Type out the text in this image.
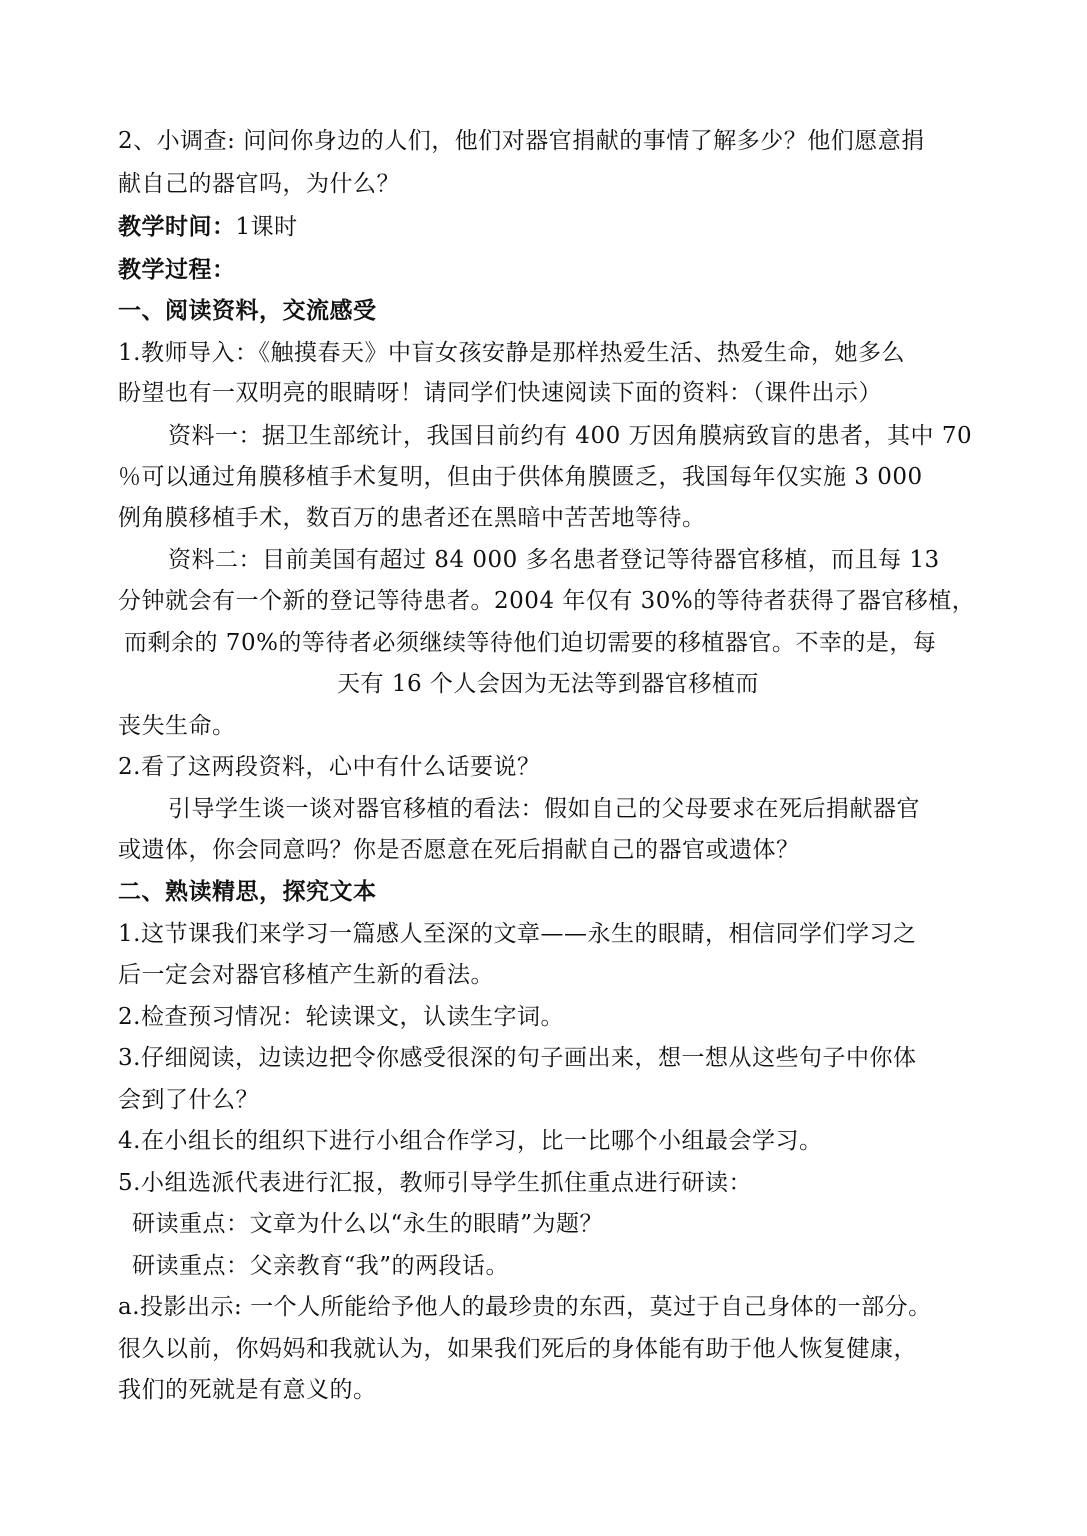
2、小调查: 问问你身边的人们，他们对器官捐献的事情了解多少？他们愿意捐
献自己的器官吗，为什么？
教学时间：1课时
教学过程：
一、阅读资料，交流感受
1.教师导入：《触摸春天》中盲女孩安静是那样热爱生活、热爱生命，她多么
盼望也有一双明亮的眼睛呀！请同学们快速阅读下面的资料：（课件出示）
资料一：据卫生部统计，我国目前约有 400 万因角膜病致盲的患者，其中 70
％可以通过角膜移植手术复明，但由于供体角膜匮乏，我国每年仅实施 3 000
例角膜移植手术，数百万的患者还在黑暗中苦苦地等待。
资料二：目前美国有超过 84 000 多名患者登记等待器官移植，而且每 13
分钟就会有一个新的登记等待患者。2004 年仅有 30%的等待者获得了器官移植，
而剩余的 70%的等待者必须继续等待他们迫切需要的移植器官。不幸的是，每
天有 16 个人会因为无法等到器官移植而
丧失生命。
2.看了这两段资料，心中有什么话要说？
引导学生谈一谈对器官移植的看法：假如自己的父母要求在死后捐献器官
或遗体，你会同意吗？你是否愿意在死后捐献自己的器官或遗体？
二、熟读精思，探究文本
1.这节课我们来学习一篇感人至深的文章——永生的眼睛，相信同学们学习之
后一定会对器官移植产生新的看法。
2.检查预习情况：轮读课文，认读生字词。
3.仔细阅读，边读边把令你感受很深的句子画出来，想一想从这些句子中你体
会到了什么？
4.在小组长的组织下进行小组合作学习，比一比哪个小组最会学习。
5.小组选派代表进行汇报，教师引导学生抓住重点进行研读：
研读重点：文章为什么以“永生的眼睛”为题？
研读重点：父亲教育“我”的两段话。
a.投影出示: 一个人所能给予他人的最珍贵的东西，莫过于自己身体的一部分。
很久以前，你妈妈和我就认为，如果我们死后的身体能有助于他人恢复健康，
我们的死就是有意义的。
